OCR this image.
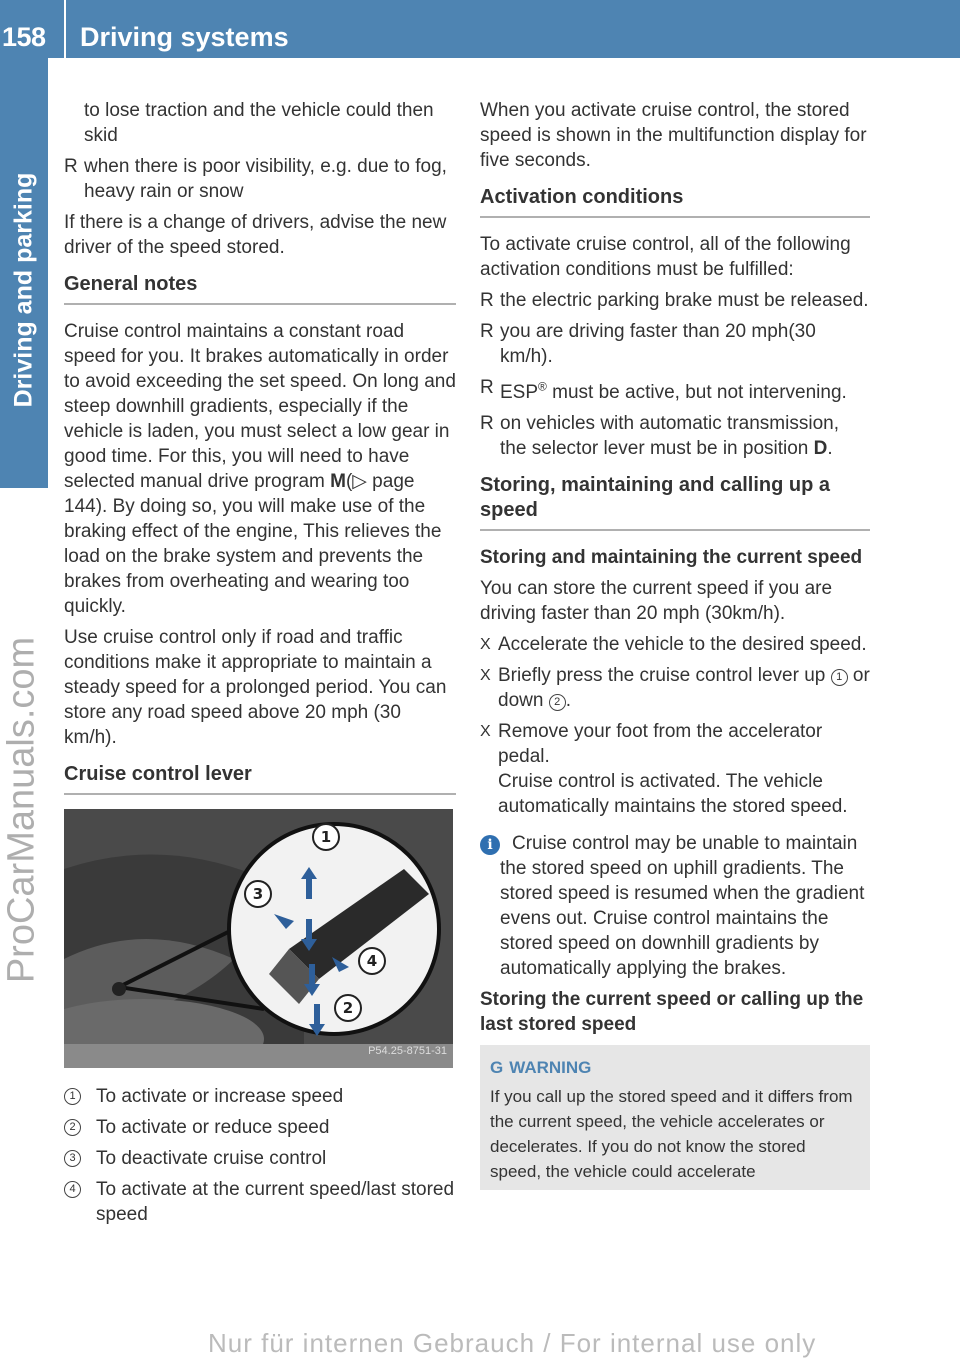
158 Driving systems
Driving and parking
ProCarManuals.com

to lose traction and the vehicle could then skid

R when there is poor visibility, e.g. due to fog, heavy rain or snow

If there is a change of drivers, advise the new driver of the speed stored.

General notes

Cruise control maintains a constant road speed for you. It brakes automatically in order to avoid exceeding the set speed. On long and steep downhill gradients, especially if the vehicle is laden, you must select a low gear in good time. For this, you will need to have selected manual drive program M(▷ page 144). By doing so, you will make use of the braking effect of the engine, This relieves the load on the brake system and prevents the brakes from overheating and wearing too quickly.

Use cruise control only if road and traffic conditions make it appropriate to maintain a steady speed for a prolonged period. You can store any road speed above 20 mph (30 km/h).

Cruise control lever
1
2
3
4
P54.25-8751-31
1 To activate or increase speed
2 To activate or reduce speed
3 To deactivate cruise control
4 To activate at the current speed/last stored speed

When you activate cruise control, the stored speed is shown in the multifunction display for five seconds.

Activation conditions

To activate cruise control, all of the following activation conditions must be fulfilled:

R the electric parking brake must be released.
R you are driving faster than 20 mph(30 km/h).
R ESP® must be active, but not intervening.
R on vehicles with automatic transmission, the selector lever must be in position D.
Storing, maintaining and calling up a speed
Storing and maintaining the current speed

You can store the current speed if you are driving faster than 20 mph (30km/h).

X Accelerate the vehicle to the desired speed.
X Briefly press the cruise control lever up 1 or down 2 .
X Remove your foot from the accelerator pedal.
Cruise control is activated. The vehicle automatically maintains the stored speed.
i	Cruise control may be unable to maintain the stored speed on uphill gradients. The stored speed is resumed when the gradient evens out. Cruise control maintains the stored speed on downhill gradients by automatically applying the brakes.
Storing the current speed or calling up the last stored speed
G WARNING
If you call up the stored speed and it differs from the current speed, the vehicle accelerates or decelerates. If you do not know the stored speed, the vehicle could accelerate
Nur für internen Gebrauch / For internal use only
